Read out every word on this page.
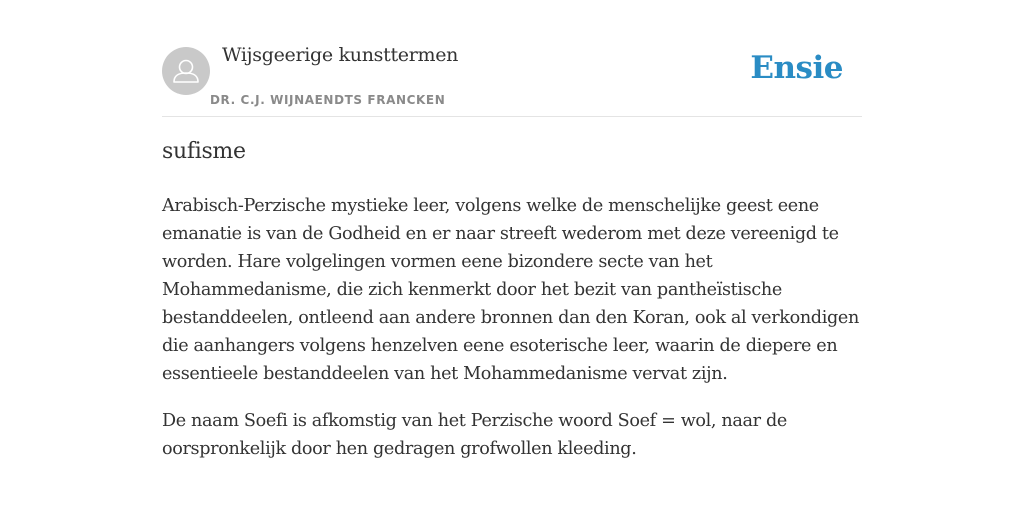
Wijsgeerige kunsttermen
DR. C.J. WIJNAENDTS FRANCKEN
Ensie
sufisme

Arabisch-Perzische mystieke leer, volgens welke de menschelijke geest eene emanatie is van de Godheid en er naar streeft wederom met deze vereenigd te worden. Hare volgelingen vormen eene bizondere secte van het Mohammedanisme, die zich kenmerkt door het bezit van pantheïstische bestanddeelen, ontleend aan andere bronnen dan den Koran, ook al verkondigen die aanhangers volgens henzelven eene esoterische leer, waarin de diepere en essentieele bestanddeelen van het Mohammedanisme vervat zijn.

De naam Soefi is afkomstig van het Perzische woord Soef = wol, naar de oorspronkelijk door hen gedragen grofwollen kleeding.
